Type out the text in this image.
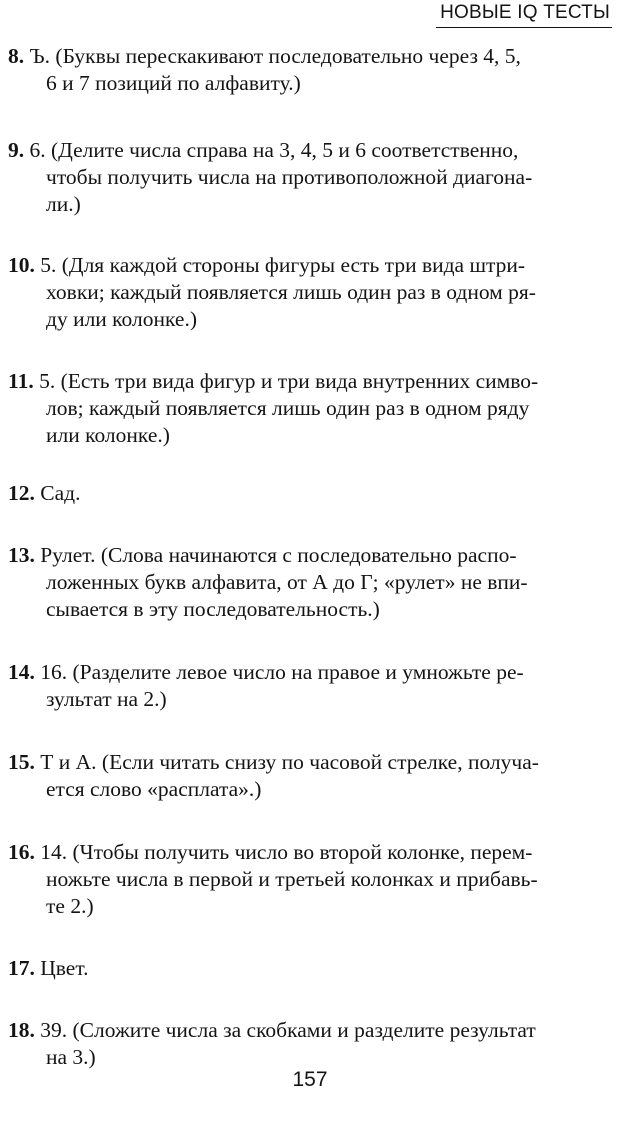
НОВЫЕ IQ ТЕСТЫ

8. Ъ. (Буквы перескакивают последовательно через 4, 5,
6 и 7 позиций по алфавиту.)

9. 6. (Делите числа справа на 3, 4, 5 и 6 соответственно,
чтобы получить числа на противоположной диагона-
ли.)

10. 5. (Для каждой стороны фигуры есть три вида штри-
ховки; каждый появляется лишь один раз в одном ря-
ду или колонке.)

11. 5. (Есть три вида фигур и три вида внутренних симво-
лов; каждый появляется лишь один раз в одном ряду
или колонке.)

12. Сад.

13. Рулет. (Слова начинаются с последовательно распо-
ложенных букв алфавита, от А до Г; «рулет» не впи-
сывается в эту последовательность.)

14. 16. (Разделите левое число на правое и умножьте ре-
зультат на 2.)

15. Т и А. (Если читать снизу по часовой стрелке, получа-
ется слово «расплата».)

16. 14. (Чтобы получить число во второй колонке, перем-
ножьте числа в первой и третьей колонках и прибавь-
те 2.)

17. Цвет.

18. 39. (Сложите числа за скобками и разделите результат
на 3.)

157
